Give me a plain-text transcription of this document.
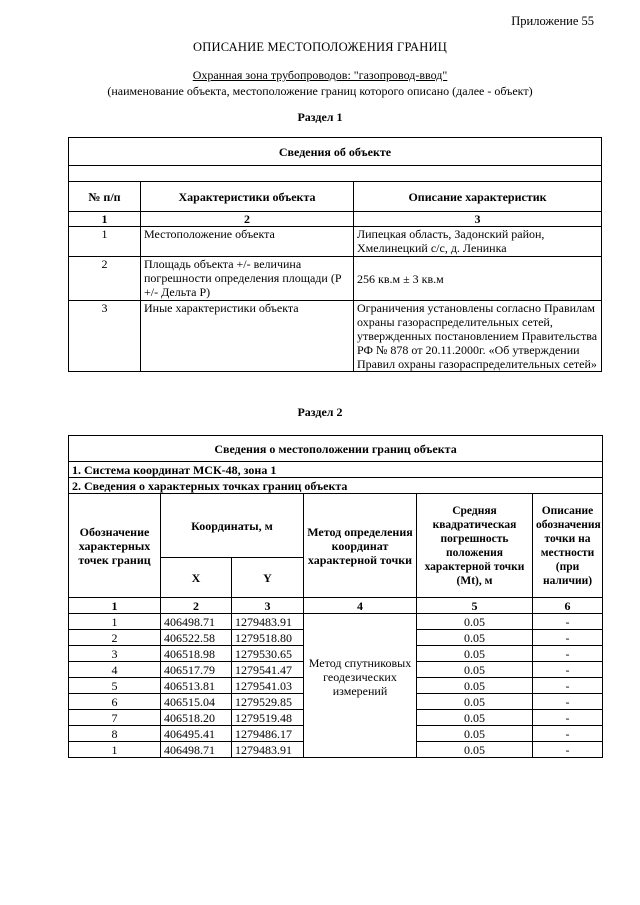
Приложение 55
ОПИСАНИЕ МЕСТОПОЛОЖЕНИЯ ГРАНИЦ
Охранная зона трубопроводов: "газопровод-ввод"
(наименование объекта, местоположение границ которого описано (далее - объект)
Раздел 1
Сведения об объекте		

№ п/п	Характеристики объекта	Описание характеристик
1	2	3
1	Местоположение объекта	Липецкая область, Задонский район, Хмелинецкий с/с, д. Ленинка
2	Площадь объекта +/- величина погрешности определения площади (Р +/- Дельта Р)	256 кв.м ± 3 кв.м
3	Иные характеристики объекта	Ограничения установлены согласно Правилам охраны газораспределительных сетей, утвержденных постановлением Правительства РФ № 878 от 20.11.2000г. «Об утверждении Правил охраны газораспределительных сетей»
Раздел 2
Сведения о местоположении границ объекта					
1. Система координат МСК-48, зона 1					
2. Сведения о характерных точках границ объекта					
Обозначение характерных точек границ	Координаты, м		Метод определения координат характерной точки	Средняя квадратическая погрешность положения характерной точки (Mt), м	Описание обозначения точки на местности (при наличии)
	X	Y			
1	2	3	4	5	6
1	406498.71	1279483.91	Метод спутниковых геодезических измерений	0.05	-
2	406522.58	1279518.80		0.05	-
3	406518.98	1279530.65		0.05	-
4	406517.79	1279541.47		0.05	-
5	406513.81	1279541.03		0.05	-
6	406515.04	1279529.85		0.05	-
7	406518.20	1279519.48		0.05	-
8	406495.41	1279486.17		0.05	-
1	406498.71	1279483.91		0.05	-
